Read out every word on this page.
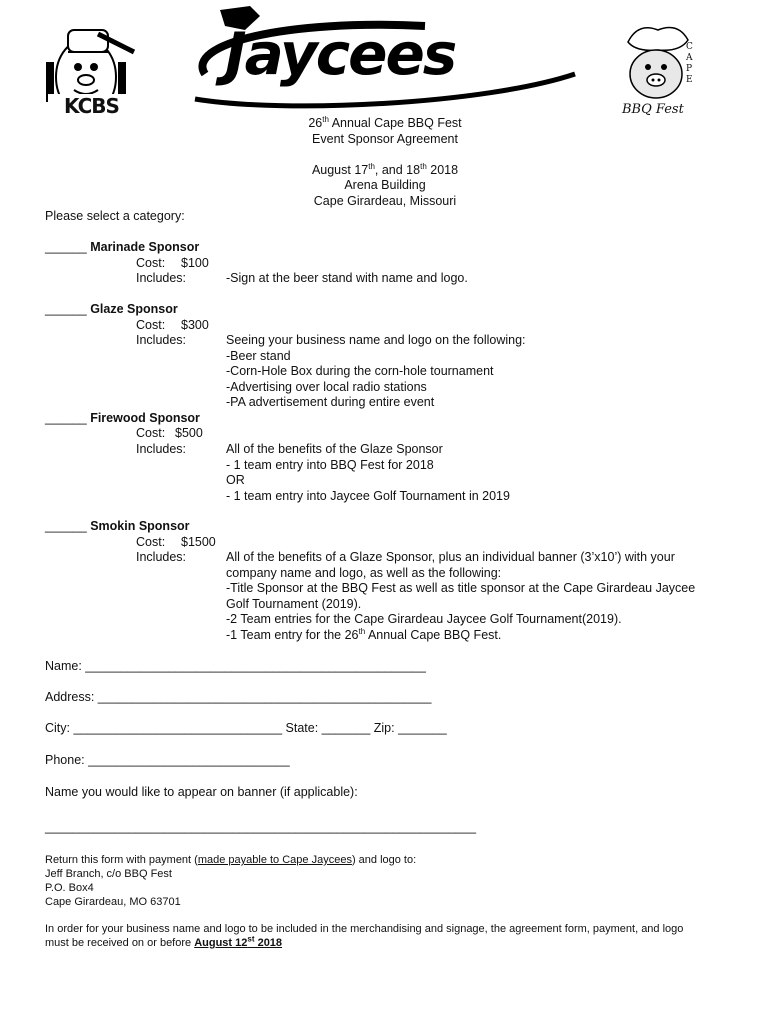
KCBS
Jaycees	C
A
P
E
BBQ Fest
26th Annual Cape BBQ Fest
Event Sponsor Agreement
August 17th, and 18th 2018
Arena Building
Cape Girardeau, Missouri
Please select a category:
______ Marinade Sponsor
Cost: $100
Includes:	-Sign at the beer stand with name and logo.
______ Glaze Sponsor
Cost: $300
Includes:	Seeing your business name and logo on the following:
-Beer stand
-Corn-Hole Box during the corn-hole tournament
-Advertising over local radio stations
-PA advertisement during entire event
______ Firewood Sponsor
Cost: $500
Includes:	All of the benefits of the Glaze Sponsor
- 1 team entry into BBQ Fest for 2018
OR
- 1 team entry into Jaycee Golf Tournament in 2019
______ Smokin Sponsor
Cost: $1500
Includes:	All of the benefits of a Glaze Sponsor, plus an individual banner (3’x10’) with your
company name and logo, as well as the following:
-Title Sponsor at the BBQ Fest as well as title sponsor at the Cape Girardeau Jaycee
Golf Tournament (2019).
-2 Team entries for the Cape Girardeau Jaycee Golf Tournament(2019).
-1 Team entry for the 26th Annual Cape BBQ Fest.
Name: _________________________________________________
Address: ________________________________________________
City: ______________________________ State: _______ Zip: _______
Phone: _____________________________
Name you would like to appear on banner (if applicable):
______________________________________________________________
Return this form with payment (made payable to Cape Jaycees) and logo to:
Jeff Branch, c/o BBQ Fest
P.O. Box4
Cape Girardeau, MO 63701
In order for your business name and logo to be included in the merchandising and signage, the agreement form, payment, and logo
must be received on or before August 12st 2018
